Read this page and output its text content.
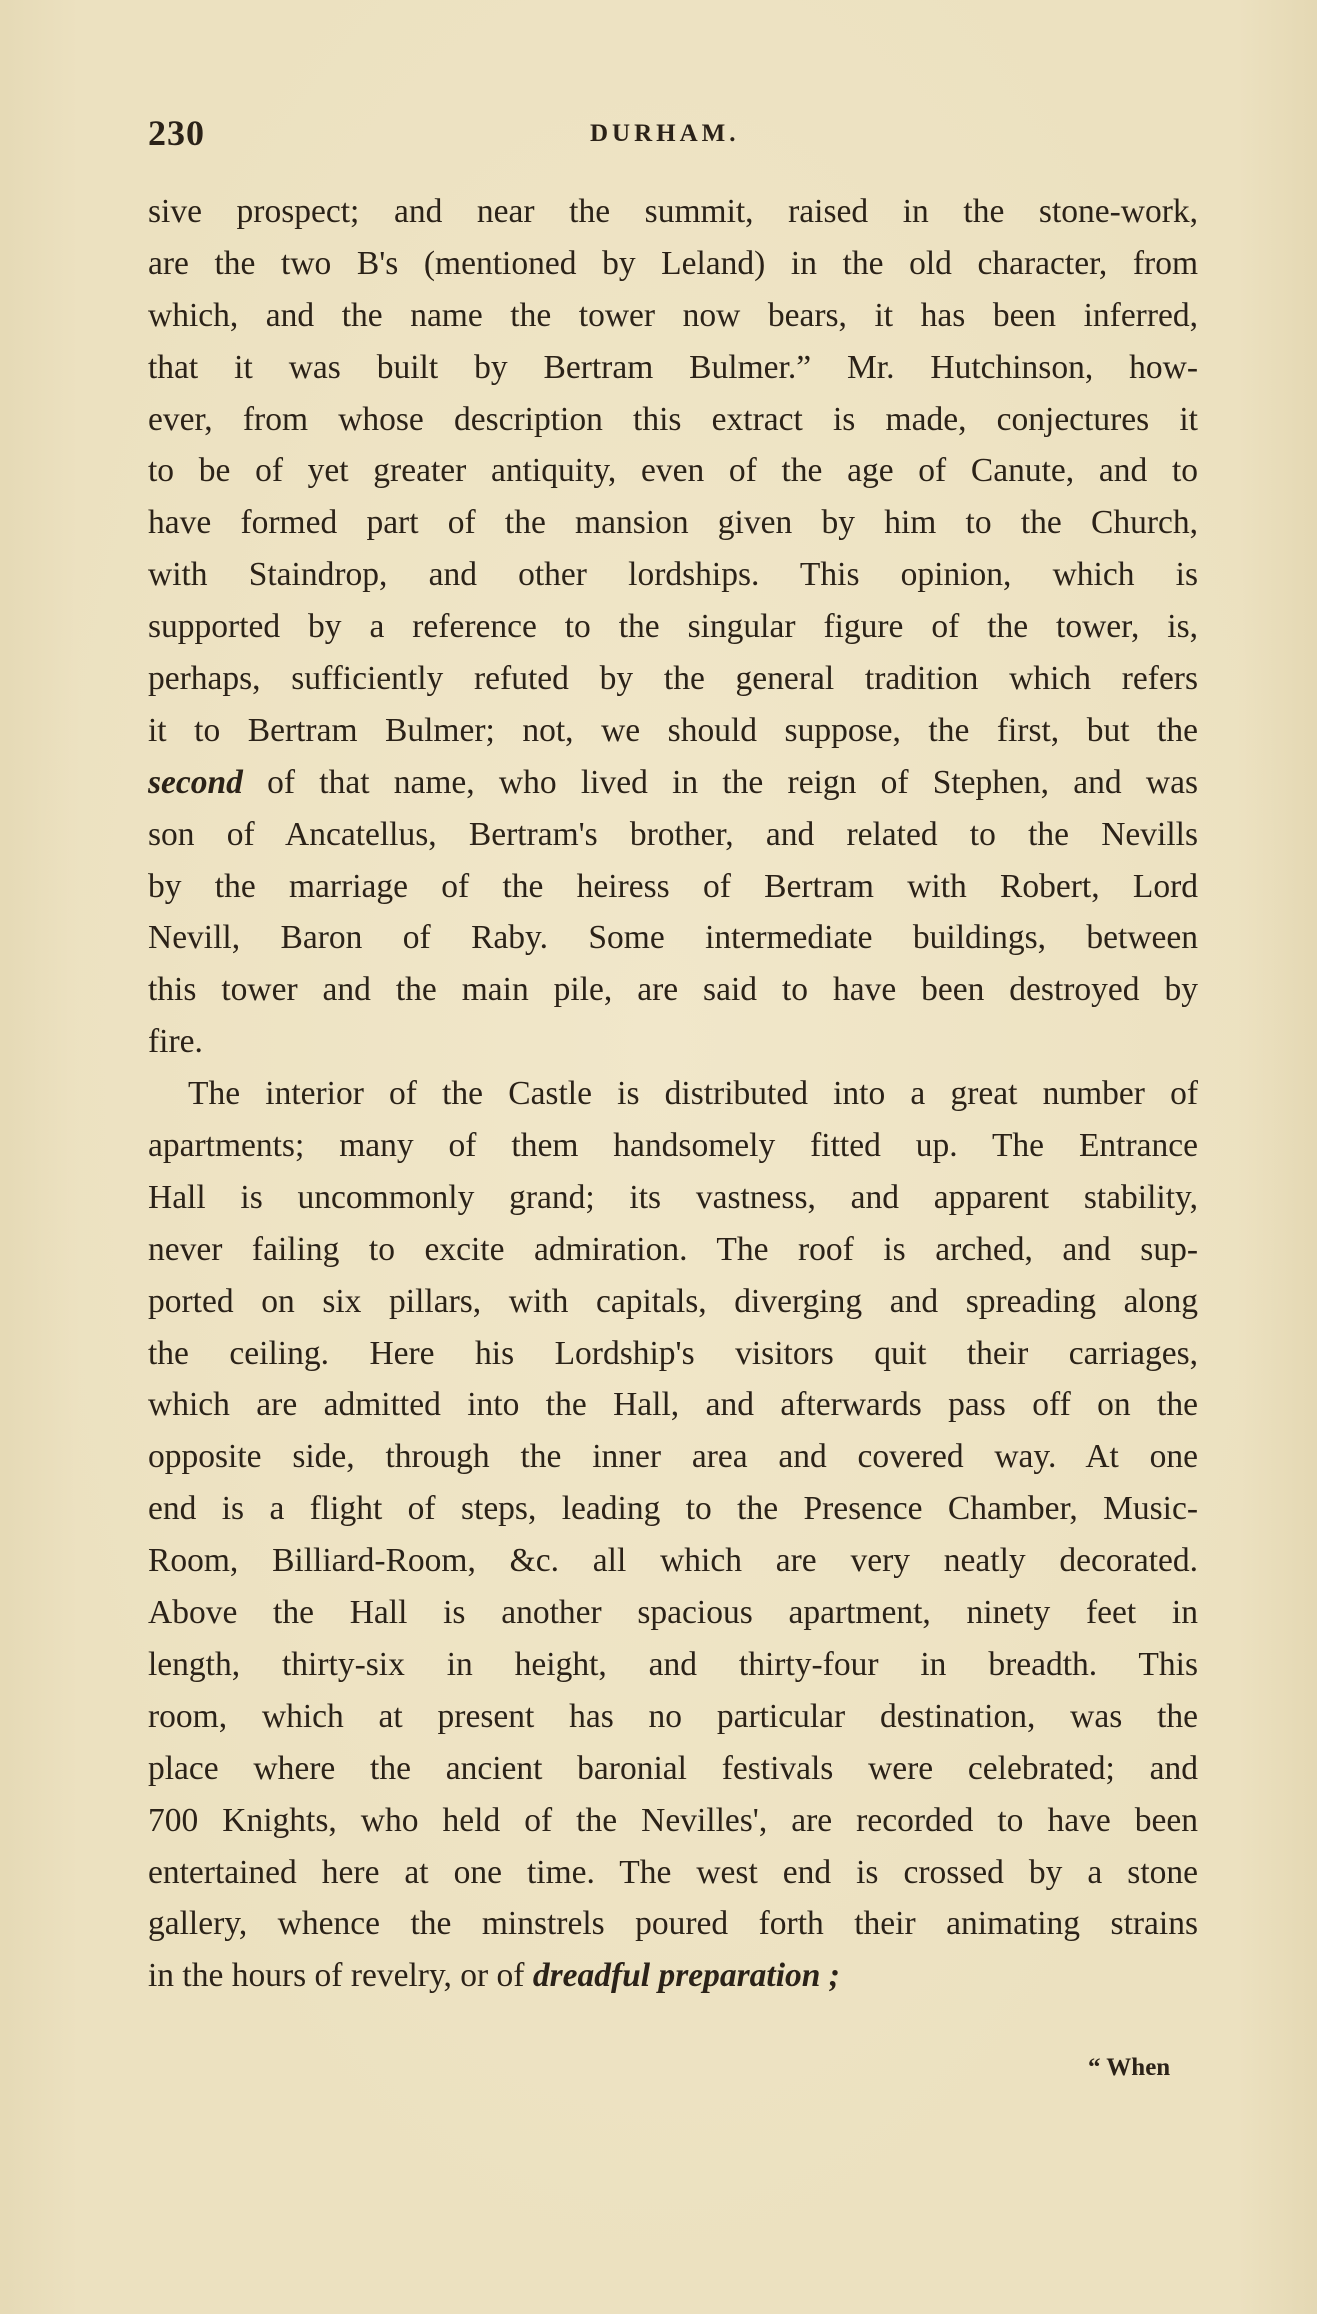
230	DURHAM.
sive prospect; and near the summit, raised in the stone-work,
are the two B's (mentioned by Leland) in the old character, from
which, and the name the tower now bears, it has been inferred,
that it was built by Bertram Bulmer.” Mr. Hutchinson, how-
ever, from whose description this extract is made, conjectures it
to be of yet greater antiquity, even of the age of Canute, and to
have formed part of the mansion given by him to the Church,
with Staindrop, and other lordships. This opinion, which is
supported by a reference to the singular figure of the tower, is,
perhaps, sufficiently refuted by the general tradition which refers
it to Bertram Bulmer; not, we should suppose, the first, but the
second of that name, who lived in the reign of Stephen, and was
son of Ancatellus, Bertram's brother, and related to the Nevills
by the marriage of the heiress of Bertram with Robert, Lord
Nevill, Baron of Raby. Some intermediate buildings, between
this tower and the main pile, are said to have been destroyed by
fire.
The interior of the Castle is distributed into a great number of
apartments; many of them handsomely fitted up. The Entrance
Hall is uncommonly grand; its vastness, and apparent stability,
never failing to excite admiration. The roof is arched, and sup-
ported on six pillars, with capitals, diverging and spreading along
the ceiling. Here his Lordship's visitors quit their carriages,
which are admitted into the Hall, and afterwards pass off on the
opposite side, through the inner area and covered way. At one
end is a flight of steps, leading to the Presence Chamber, Music-
Room, Billiard-Room, &c. all which are very neatly decorated.
Above the Hall is another spacious apartment, ninety feet in
length, thirty-six in height, and thirty-four in breadth. This
room, which at present has no particular destination, was the
place where the ancient baronial festivals were celebrated; and
700 Knights, who held of the Nevilles', are recorded to have been
entertained here at one time. The west end is crossed by a stone
gallery, whence the minstrels poured forth their animating strains
in the hours of revelry, or of dreadful preparation ;
“ When
